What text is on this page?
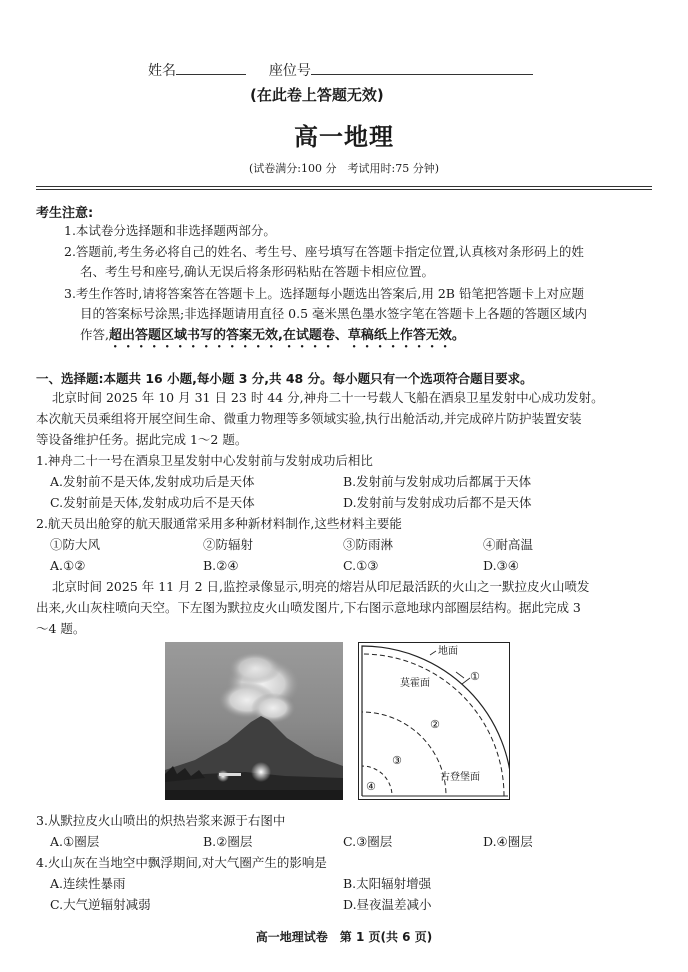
姓名	座位号
(在此卷上答题无效)
高一地理
(试卷满分:100 分　考试用时:75 分钟)
考生注意:
1.本试卷分选择题和非选择题两部分。
2.答题前,考生务必将自己的姓名、考生号、座号填写在答题卡指定位置,认真核对条形码上的姓
名、考生号和座号,确认无误后将条形码粘贴在答题卡相应位置。
3.考生作答时,请将答案答在答题卡上。选择题每小题选出答案后,用 2B 铅笔把答题卡上对应题
目的答案标号涂黑;非选择题请用直径 0.5 毫米黑色墨水签字笔在答题卡上各题的答题区域内
作答,超出答题区域书写的答案无效,在试题卷、草稿纸上作答无效。
一、选择题:本题共 16 小题,每小题 3 分,共 48 分。每小题只有一个选项符合题目要求。
北京时间 2025 年 10 月 31 日 23 时 44 分,神舟二十一号载人飞船在酒泉卫星发射中心成功发射。
本次航天员乘组将开展空间生命、微重力物理等多领域实验,执行出舱活动,并完成碎片防护装置安装
等设备维护任务。据此完成 1～2 题。
1.神舟二十一号在酒泉卫星发射中心发射前与发射成功后相比
A.发射前不是天体,发射成功后是天体	B.发射前与发射成功后都属于天体
C.发射前是天体,发射成功后不是天体	D.发射前与发射成功后都不是天体
2.航天员出舱穿的航天服通常采用多种新材料制作,这些材料主要能
①防大风	②防辐射	③防雨淋	④耐高温
A.①②	B.②④	C.①③	D.③④
北京时间 2025 年 11 月 2 日,监控录像显示,明亮的熔岩从印尼最活跃的火山之一默拉皮火山喷发
出来,火山灰柱喷向天空。下左图为默拉皮火山喷发图片,下右图示意地球内部圈层结构。据此完成 3
～4 题。
地面
莫霍面
①
②
③
④
古登堡面
3.从默拉皮火山喷出的炽热岩浆来源于右图中
A.①圈层	B.②圈层	C.③圈层	D.④圈层
4.火山灰在当地空中飘浮期间,对大气圈产生的影响是
A.连续性暴雨	B.太阳辐射增强
C.大气逆辐射减弱	D.昼夜温差减小
高一地理试卷　第 1 页(共 6 页)
